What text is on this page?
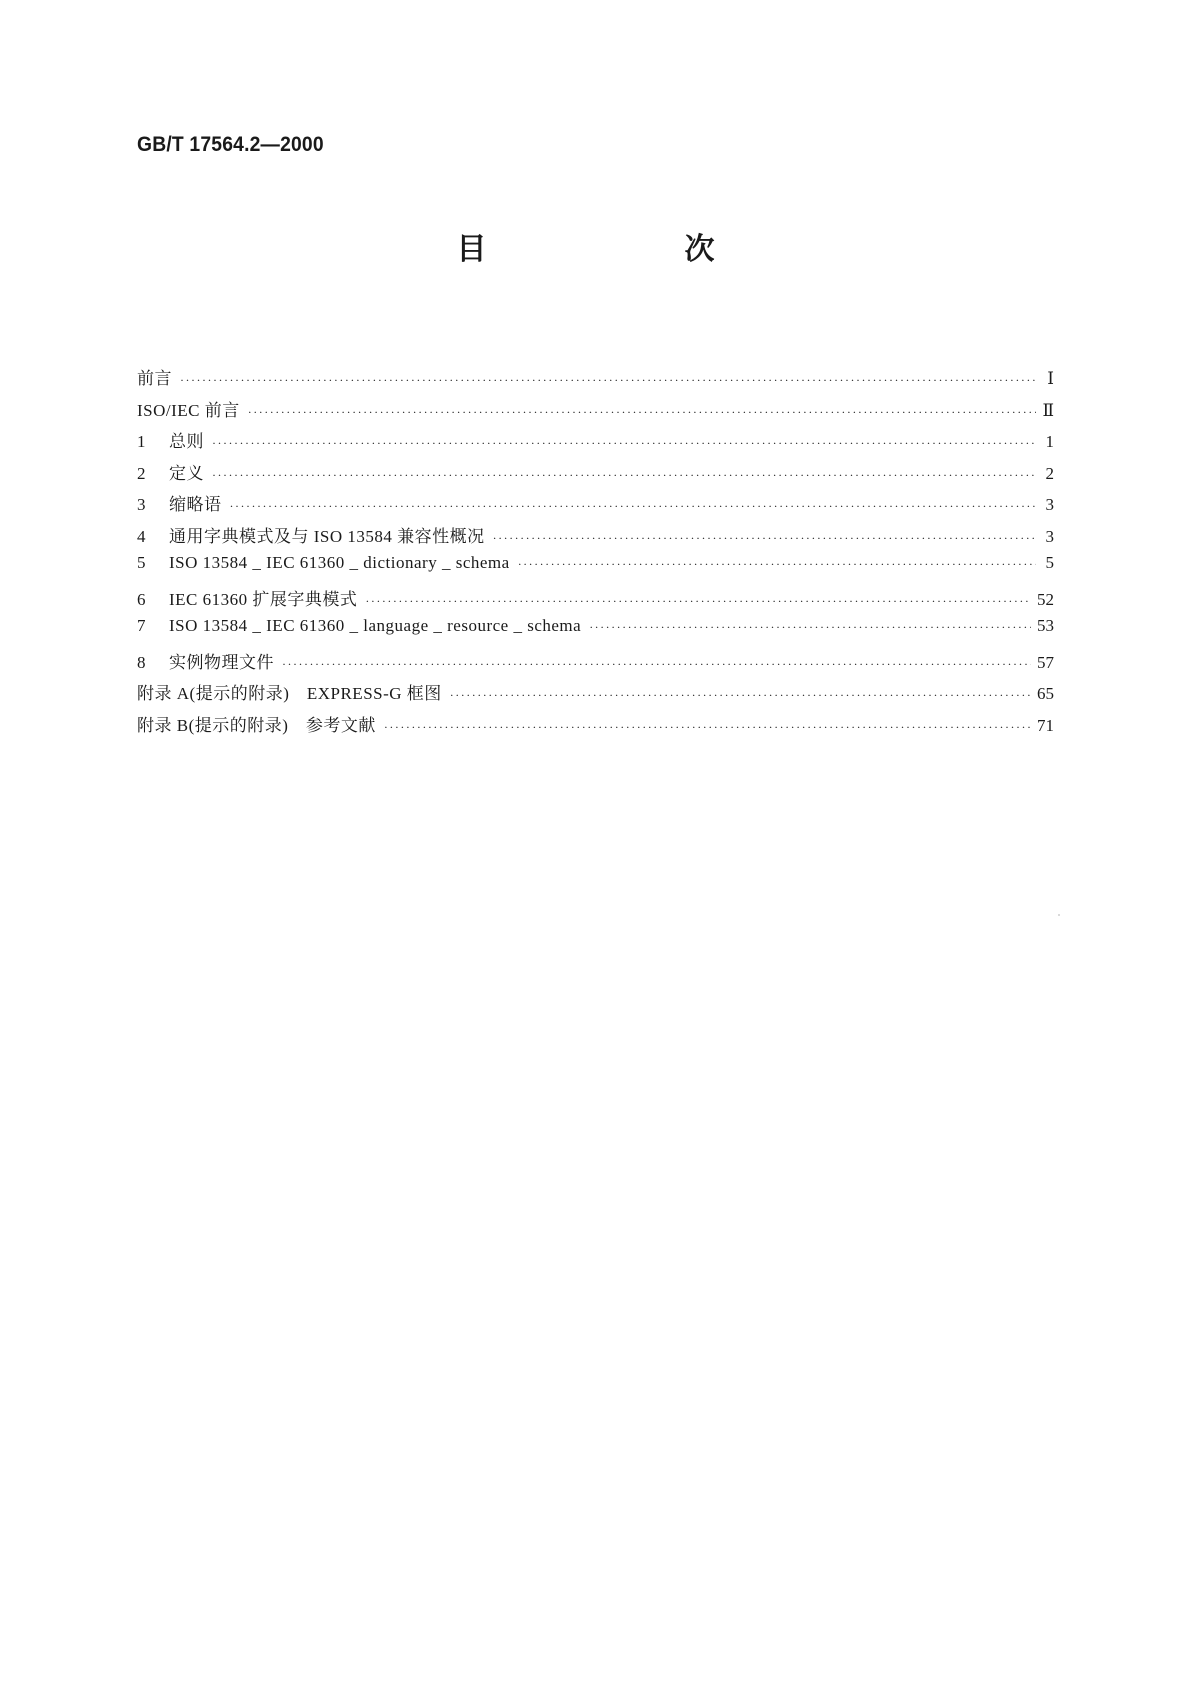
GB/T 17564.2—2000
目　次
前言 ·····	Ⅰ
ISO/IEC 前言 ·····	Ⅱ
1 总则 ·····	1
2 定义 ·····	2
3 缩略语 ·····	3
4 通用字典模式及与 ISO 13584 兼容性概况 ·····	3
5 ISO 13584 _ IEC 61360 _ dictionary _ schema ·····	5
6 IEC 61360 扩展字典模式 ·····	52
7 ISO 13584 _ IEC 61360 _ language _ resource _ schema ·····	53
8 实例物理文件 ·····	57
附录 A(提示的附录)　EXPRESS-G 框图 ·····	65
附录 B(提示的附录)　参考文献 ·····	71
